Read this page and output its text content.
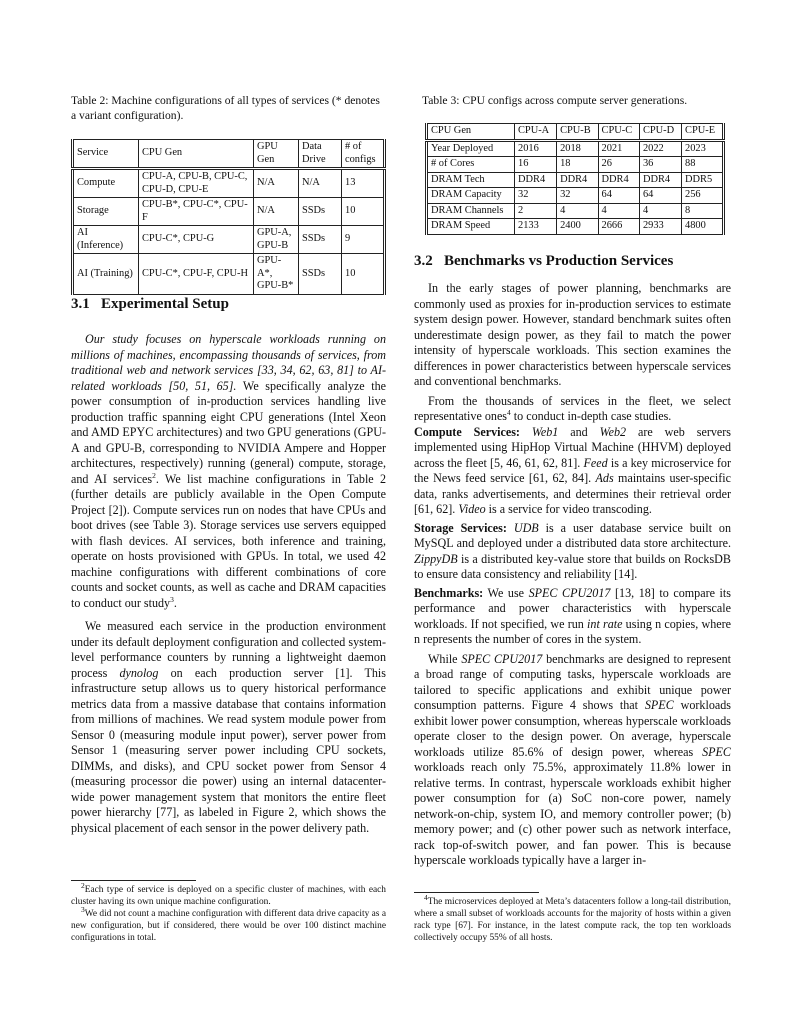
Table 2: Machine configurations of all types of services (* denotes a variant configuration).
Service	CPU Gen	GPU Gen	Data Drive	# of configs
Compute	CPU-A, CPU-B, CPU-C, CPU-D, CPU-E	N/A	N/A	13
Storage	CPU-B*, CPU-C*, CPU-F	N/A	SSDs	10
AI (Inference)	CPU-C*, CPU-G	GPU-A, GPU-B	SSDs	9
AI (Training)	CPU-C*, CPU-F, CPU-H	GPU-A*, GPU-B*	SSDs	10
3.1 Experimental Setup

Our study focuses on hyperscale workloads running on millions of machines, encompassing thousands of services, from traditional web and network services [33, 34, 62, 63, 81] to AI-related workloads [50, 51, 65]. We specifically analyze the power consumption of in-production services handling live production traffic spanning eight CPU generations (Intel Xeon and AMD EPYC architectures) and two GPU generations (GPU-A and GPU-B, corresponding to NVIDIA Ampere and Hopper architectures, respectively) running (general) compute, storage, and AI services$^2$. We list machine configurations in Table 2 (further details are publicly available in the Open Compute Project [2]). Compute services run on nodes that have CPUs and boot drives (see Table 3). Storage services use servers equipped with flash devices. AI services, both inference and training, operate on hosts provisioned with GPUs. In total, we used 42 machine configurations with different combinations of core counts and socket counts, as well as cache and DRAM capacities to conduct our study$^3$.

We measured each service in the production environment under its default deployment configuration and collected system-level performance counters by running a lightweight daemon process dynolog on each production server [1]. This infrastructure setup allows us to query historical performance metrics data from a massive database that contains information from millions of machines. We read system module power from Sensor 0 (measuring module input power), server power from Sensor 1 (measuring server power including CPU sockets, DIMMs, and disks), and CPU socket power from Sensor 4 (measuring processor die power) using an internal datacenter-wide power management system that monitors the entire fleet power hierarchy [77], as labeled in Figure 2, which shows the physical placement of each sensor in the power delivery path.

$^2$Each type of service is deployed on a specific cluster of machines, with each cluster having its own unique machine configuration.

$^3$We did not count a machine configuration with different data drive capacity as a new configuration, but if considered, there would be over 100 distinct machine configurations in total.

Table 3: CPU configs across compute server generations.
CPU Gen	CPU-A	CPU-B	CPU-C	CPU-D	CPU-E
Year Deployed	2016	2018	2021	2022	2023
# of Cores	16	18	26	36	88
DRAM Tech	DDR4	DDR4	DDR4	DDR4	DDR5
DRAM Capacity	32	32	64	64	256
DRAM Channels	2	4	4	4	8
DRAM Speed	2133	2400	2666	2933	4800
3.2 Benchmarks vs Production Services

In the early stages of power planning, benchmarks are commonly used as proxies for in-production services to estimate system design power. However, standard benchmark suites often underestimate design power, as they fail to match the power intensity of hyperscale workloads. This section examines the differences in power characteristics between hyperscale services and conventional benchmarks.

From the thousands of services in the fleet, we select representative ones$^4$ to conduct in-depth case studies.

Compute Services: Web1 and Web2 are web servers implemented using HipHop Virtual Machine (HHVM) deployed across the fleet [5, 46, 61, 62, 81]. Feed is a key microservice for the News feed service [61, 62, 84]. Ads maintains user-specific data, ranks advertisements, and determines their retrieval order [61, 62]. Video is a service for video transcoding.

Storage Services: UDB is a user database service built on MySQL and deployed under a distributed data store architecture. ZippyDB is a distributed key-value store that builds on RocksDB to ensure data consistency and reliability [14].

Benchmarks: We use SPEC CPU2017 [13, 18] to compare its performance and power characteristics with hyperscale workloads. If not specified, we run int rate using n copies, where n represents the number of cores in the system.

While SPEC CPU2017 benchmarks are designed to represent a broad range of computing tasks, hyperscale workloads are tailored to specific applications and exhibit unique power consumption patterns. Figure 4 shows that SPEC workloads exhibit lower power consumption, whereas hyperscale workloads operate closer to the design power. On average, hyperscale workloads utilize 85.6% of design power, whereas SPEC workloads reach only 75.5%, approximately 11.8% lower in relative terms. In contrast, hyperscale workloads exhibit higher power consumption for (a) SoC non-core power, namely network-on-chip, system IO, and memory controller power; (b) memory power; and (c) other power such as network interface, rack top-of-switch power, and fan power. This is because hyperscale workloads typically have a larger in-

$^4$The microservices deployed at Meta’s datacenters follow a long-tail distribution, where a small subset of workloads accounts for the majority of hosts within a given rack type [67]. For instance, in the latest compute rack, the top ten workloads collectively occupy 55% of all hosts.
